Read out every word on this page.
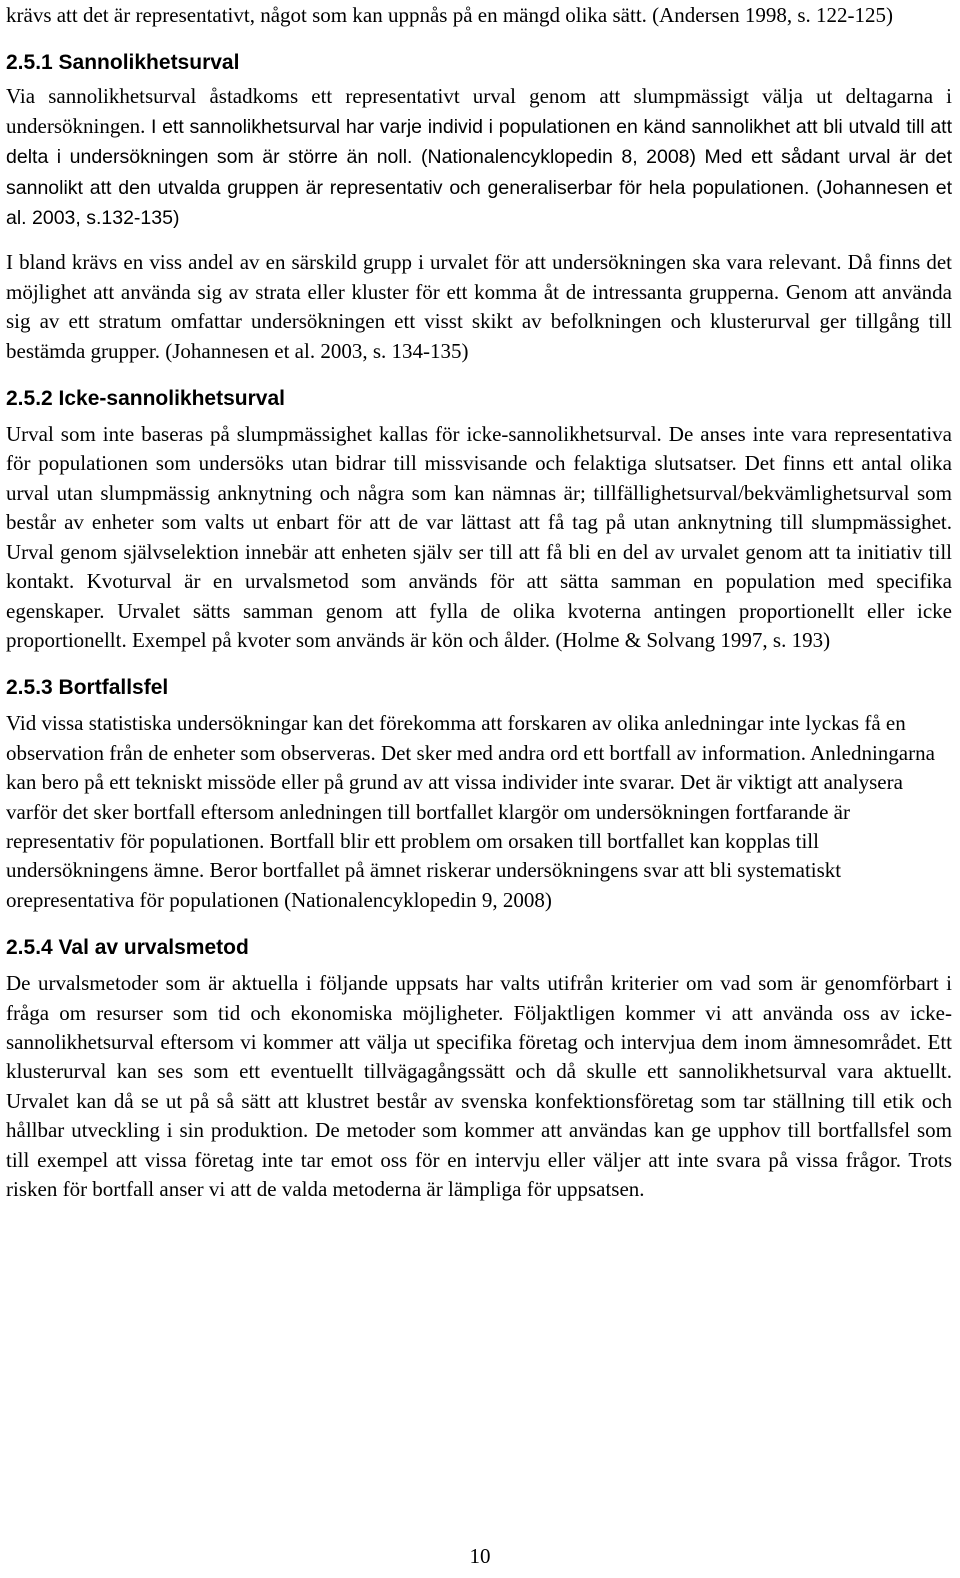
krävs att det är representativt, något som kan uppnås på en mängd olika sätt. (Andersen 1998, s. 122-125)

2.5.1 Sannolikhetsurval

Via sannolikhetsurval åstadkoms ett representativt urval genom att slumpmässigt välja ut deltagarna i undersökningen. I ett sannolikhetsurval har varje individ i populationen en känd sannolikhet att bli utvald till att delta i undersökningen som är större än noll. (Nationalencyklopedin 8, 2008) Med ett sådant urval är det sannolikt att den utvalda gruppen är representativ och generaliserbar för hela populationen. (Johannesen et al. 2003, s.132-135)

I bland krävs en viss andel av en särskild grupp i urvalet för att undersökningen ska vara relevant. Då finns det möjlighet att använda sig av strata eller kluster för ett komma åt de intressanta grupperna. Genom att använda sig av ett stratum omfattar undersökningen ett visst skikt av befolkningen och klusterurval ger tillgång till bestämda grupper. (Johannesen et al. 2003, s. 134-135)

2.5.2 Icke-sannolikhetsurval

Urval som inte baseras på slumpmässighet kallas för icke-sannolikhetsurval. De anses inte vara representativa för populationen som undersöks utan bidrar till missvisande och felaktiga slutsatser. Det finns ett antal olika urval utan slumpmässig anknytning och några som kan nämnas är; tillfällighetsurval/bekvämlighetsurval som består av enheter som valts ut enbart för att de var lättast att få tag på utan anknytning till slumpmässighet. Urval genom självselektion innebär att enheten själv ser till att få bli en del av urvalet genom att ta initiativ till kontakt. Kvoturval är en urvalsmetod som används för att sätta samman en population med specifika egenskaper. Urvalet sätts samman genom att fylla de olika kvoterna antingen proportionellt eller icke proportionellt. Exempel på kvoter som används är kön och ålder. (Holme & Solvang 1997, s. 193)

2.5.3 Bortfallsfel

Vid vissa statistiska undersökningar kan det förekomma att forskaren av olika anledningar inte lyckas få en observation från de enheter som observeras. Det sker med andra ord ett bortfall av information. Anledningarna kan bero på ett tekniskt missöde eller på grund av att vissa individer inte svarar. Det är viktigt att analysera varför det sker bortfall eftersom anledningen till bortfallet klargör om undersökningen fortfarande är representativ för populationen. Bortfall blir ett problem om orsaken till bortfallet kan kopplas till undersökningens ämne. Beror bortfallet på ämnet riskerar undersökningens svar att bli systematiskt orepresentativa för populationen (Nationalencyklopedin 9, 2008)

2.5.4 Val av urvalsmetod

De urvalsmetoder som är aktuella i följande uppsats har valts utifrån kriterier om vad som är genomförbart i fråga om resurser som tid och ekonomiska möjligheter. Följaktligen kommer vi att använda oss av icke-sannolikhetsurval eftersom vi kommer att välja ut specifika företag och intervjua dem inom ämnesområdet. Ett klusterurval kan ses som ett eventuellt tillvägagångssätt och då skulle ett sannolikhetsurval vara aktuellt. Urvalet kan då se ut på så sätt att klustret består av svenska konfektionsföretag som tar ställning till etik och hållbar utveckling i sin produktion. De metoder som kommer att användas kan ge upphov till bortfallsfel som till exempel att vissa företag inte tar emot oss för en intervju eller väljer att inte svara på vissa frågor. Trots risken för bortfall anser vi att de valda metoderna är lämpliga för uppsatsen.

10
